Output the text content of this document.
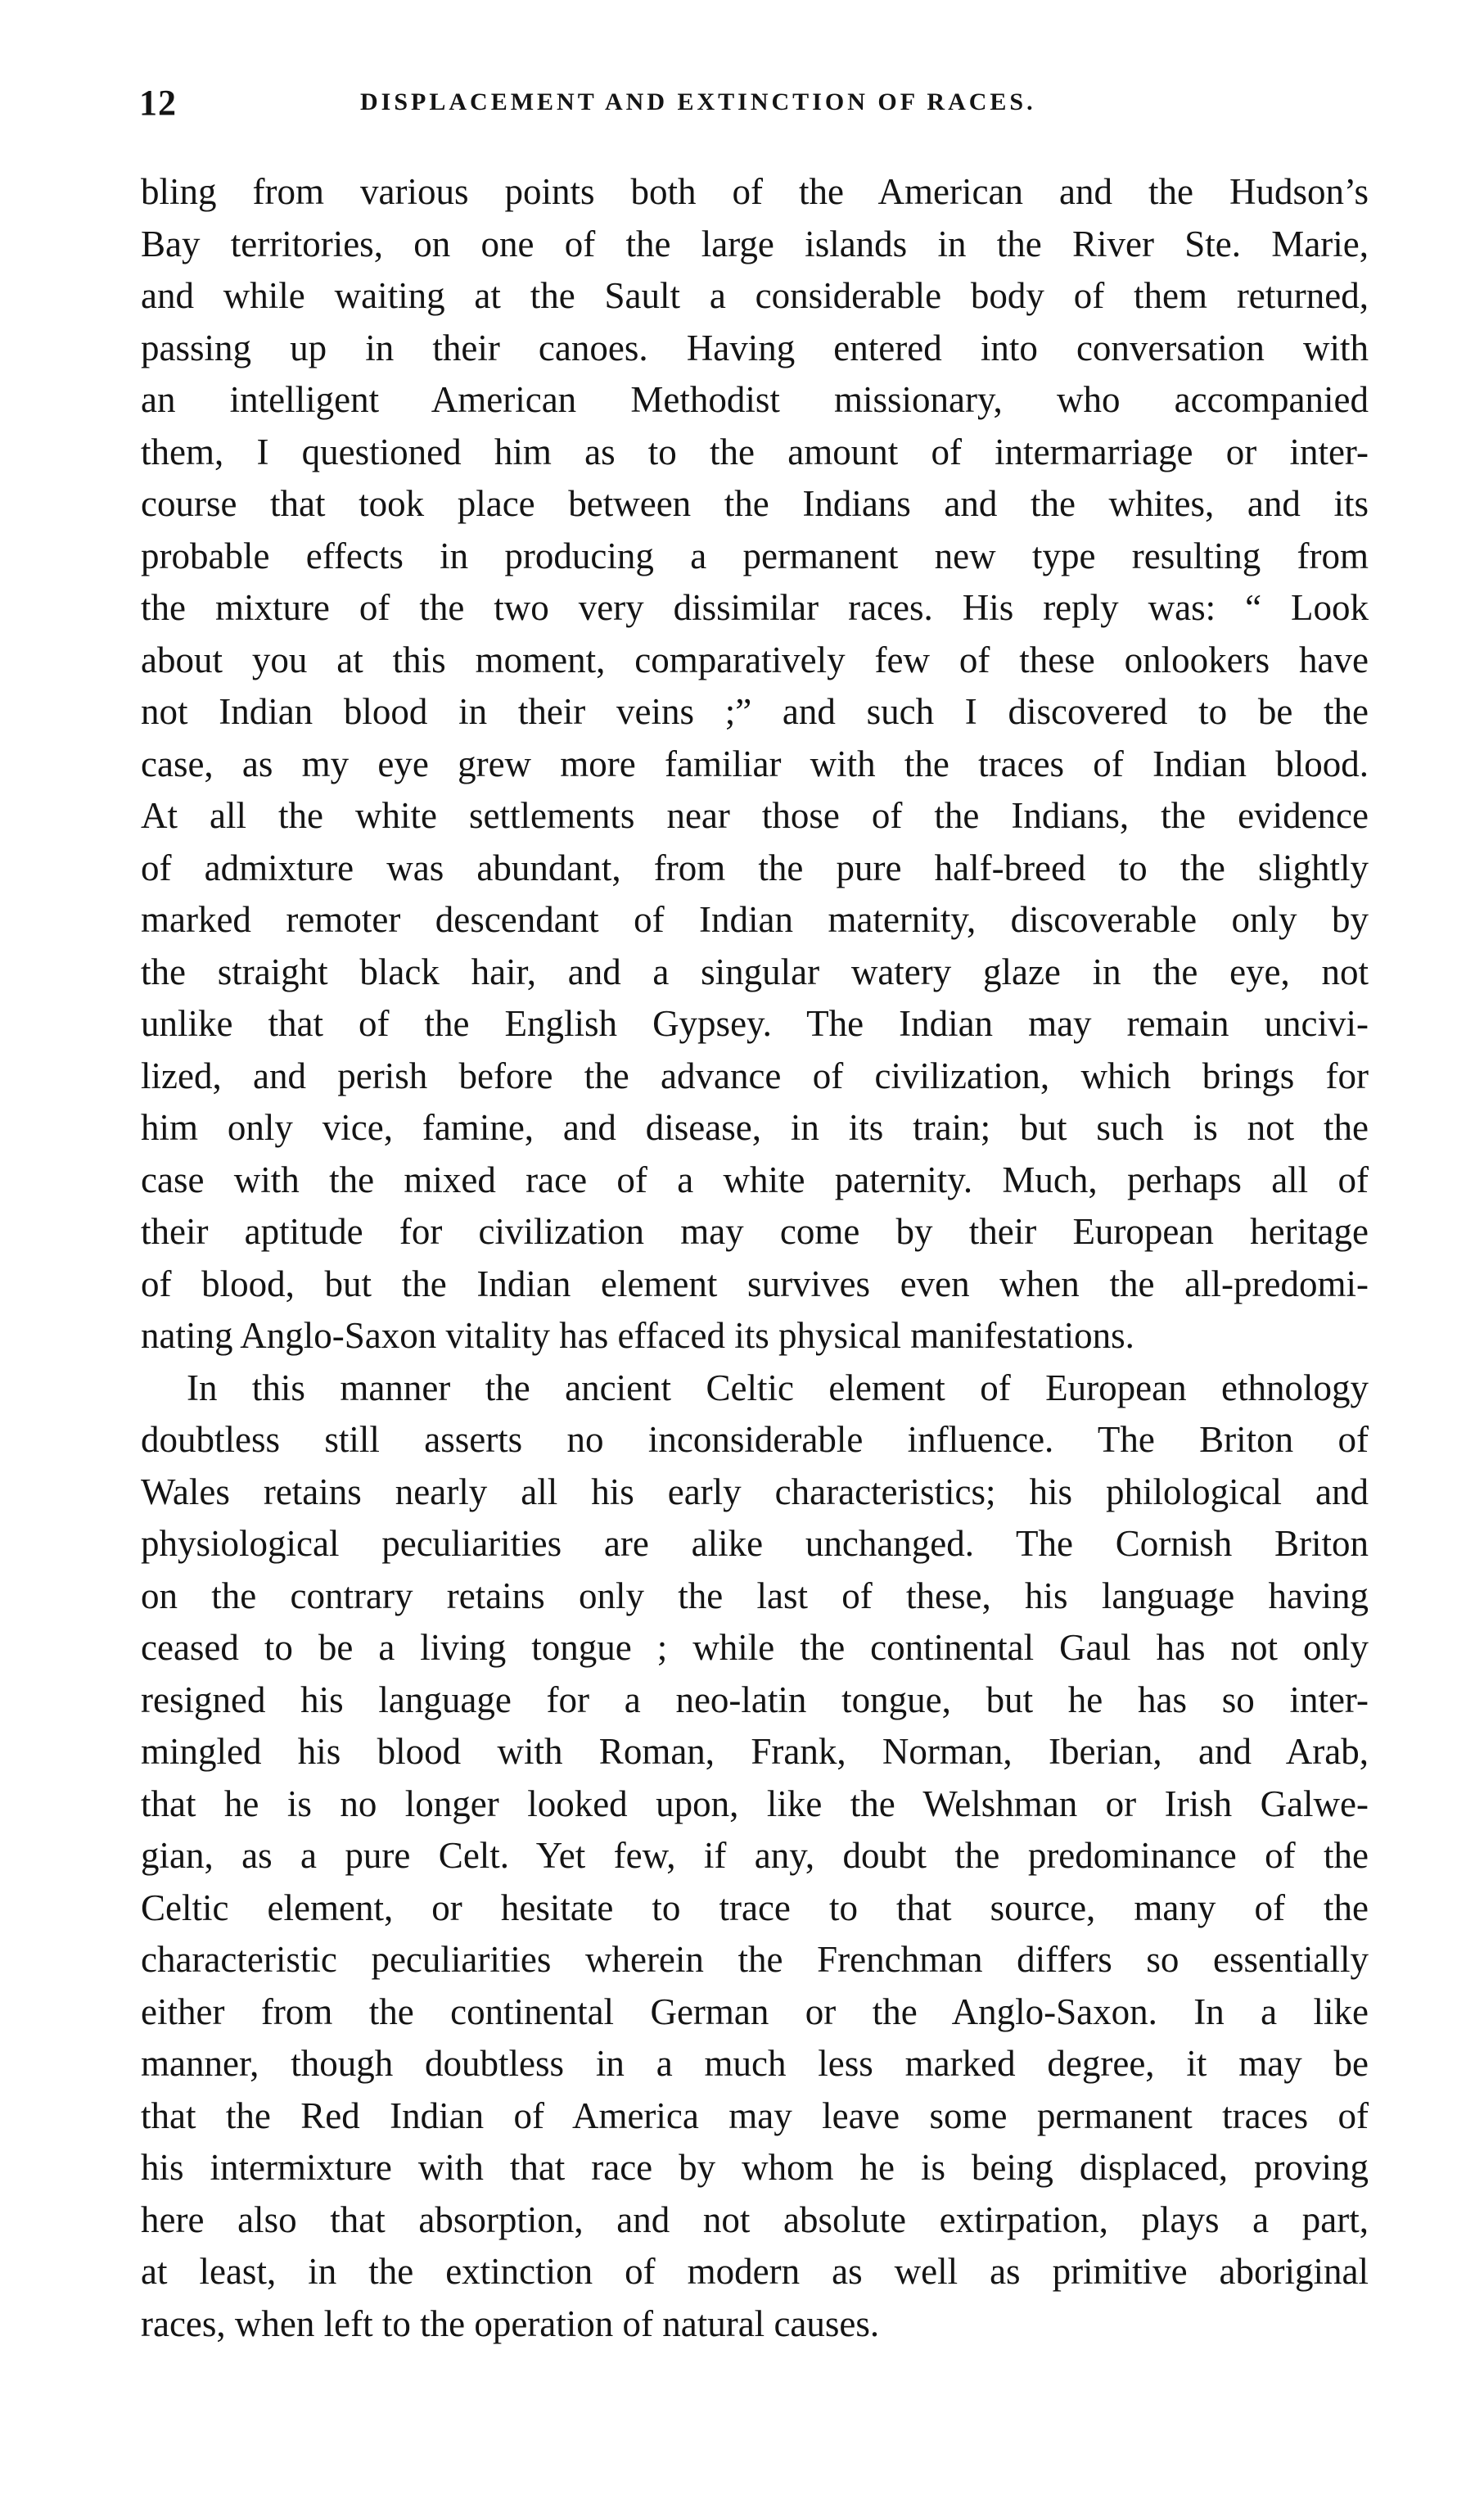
12	DISPLACEMENT AND EXTINCTION OF RACES.
bling from various points both of the American and the Hudson’s
Bay territories, on one of the large islands in the River Ste. Marie,
and while waiting at the Sault a considerable body of them returned,
passing up in their canoes. Having entered into conversation with
an intelligent American Methodist missionary, who accompanied
them, I questioned him as to the amount of intermarriage or inter-
course that took place between the Indians and the whites, and its
probable effects in producing a permanent new type resulting from
the mixture of the two very dissimilar races. His reply was: “ Look
about you at this moment, comparatively few of these onlookers have
not Indian blood in their veins ;” and such I discovered to be the
case, as my eye grew more familiar with the traces of Indian blood.
At all the white settlements near those of the Indians, the evidence
of admixture was abundant, from the pure half-breed to the slightly
marked remoter descendant of Indian maternity, discoverable only by
the straight black hair, and a singular watery glaze in the eye, not
unlike that of the English Gypsey. The Indian may remain uncivi-
lized, and perish before the advance of civilization, which brings for
him only vice, famine, and disease, in its train; but such is not the
case with the mixed race of a white paternity. Much, perhaps all of
their aptitude for civilization may come by their European heritage
of blood, but the Indian element survives even when the all-predomi-
nating Anglo-Saxon vitality has effaced its physical manifestations.
In this manner the ancient Celtic element of European ethnology
doubtless still asserts no inconsiderable influence. The Briton of
Wales retains nearly all his early characteristics; his philological and
physiological peculiarities are alike unchanged. The Cornish Briton
on the contrary retains only the last of these, his language having
ceased to be a living tongue ; while the continental Gaul has not only
resigned his language for a neo-latin tongue, but he has so inter-
mingled his blood with Roman, Frank, Norman, Iberian, and Arab,
that he is no longer looked upon, like the Welshman or Irish Galwe-
gian, as a pure Celt. Yet few, if any, doubt the predominance of the
Celtic element, or hesitate to trace to that source, many of the
characteristic peculiarities wherein the Frenchman differs so essentially
either from the continental German or the Anglo-Saxon. In a like
manner, though doubtless in a much less marked degree, it may be
that the Red Indian of America may leave some permanent traces of
his intermixture with that race by whom he is being displaced, proving
here also that absorption, and not absolute extirpation, plays a part,
at least, in the extinction of modern as well as primitive aboriginal
races, when left to the operation of natural causes.
